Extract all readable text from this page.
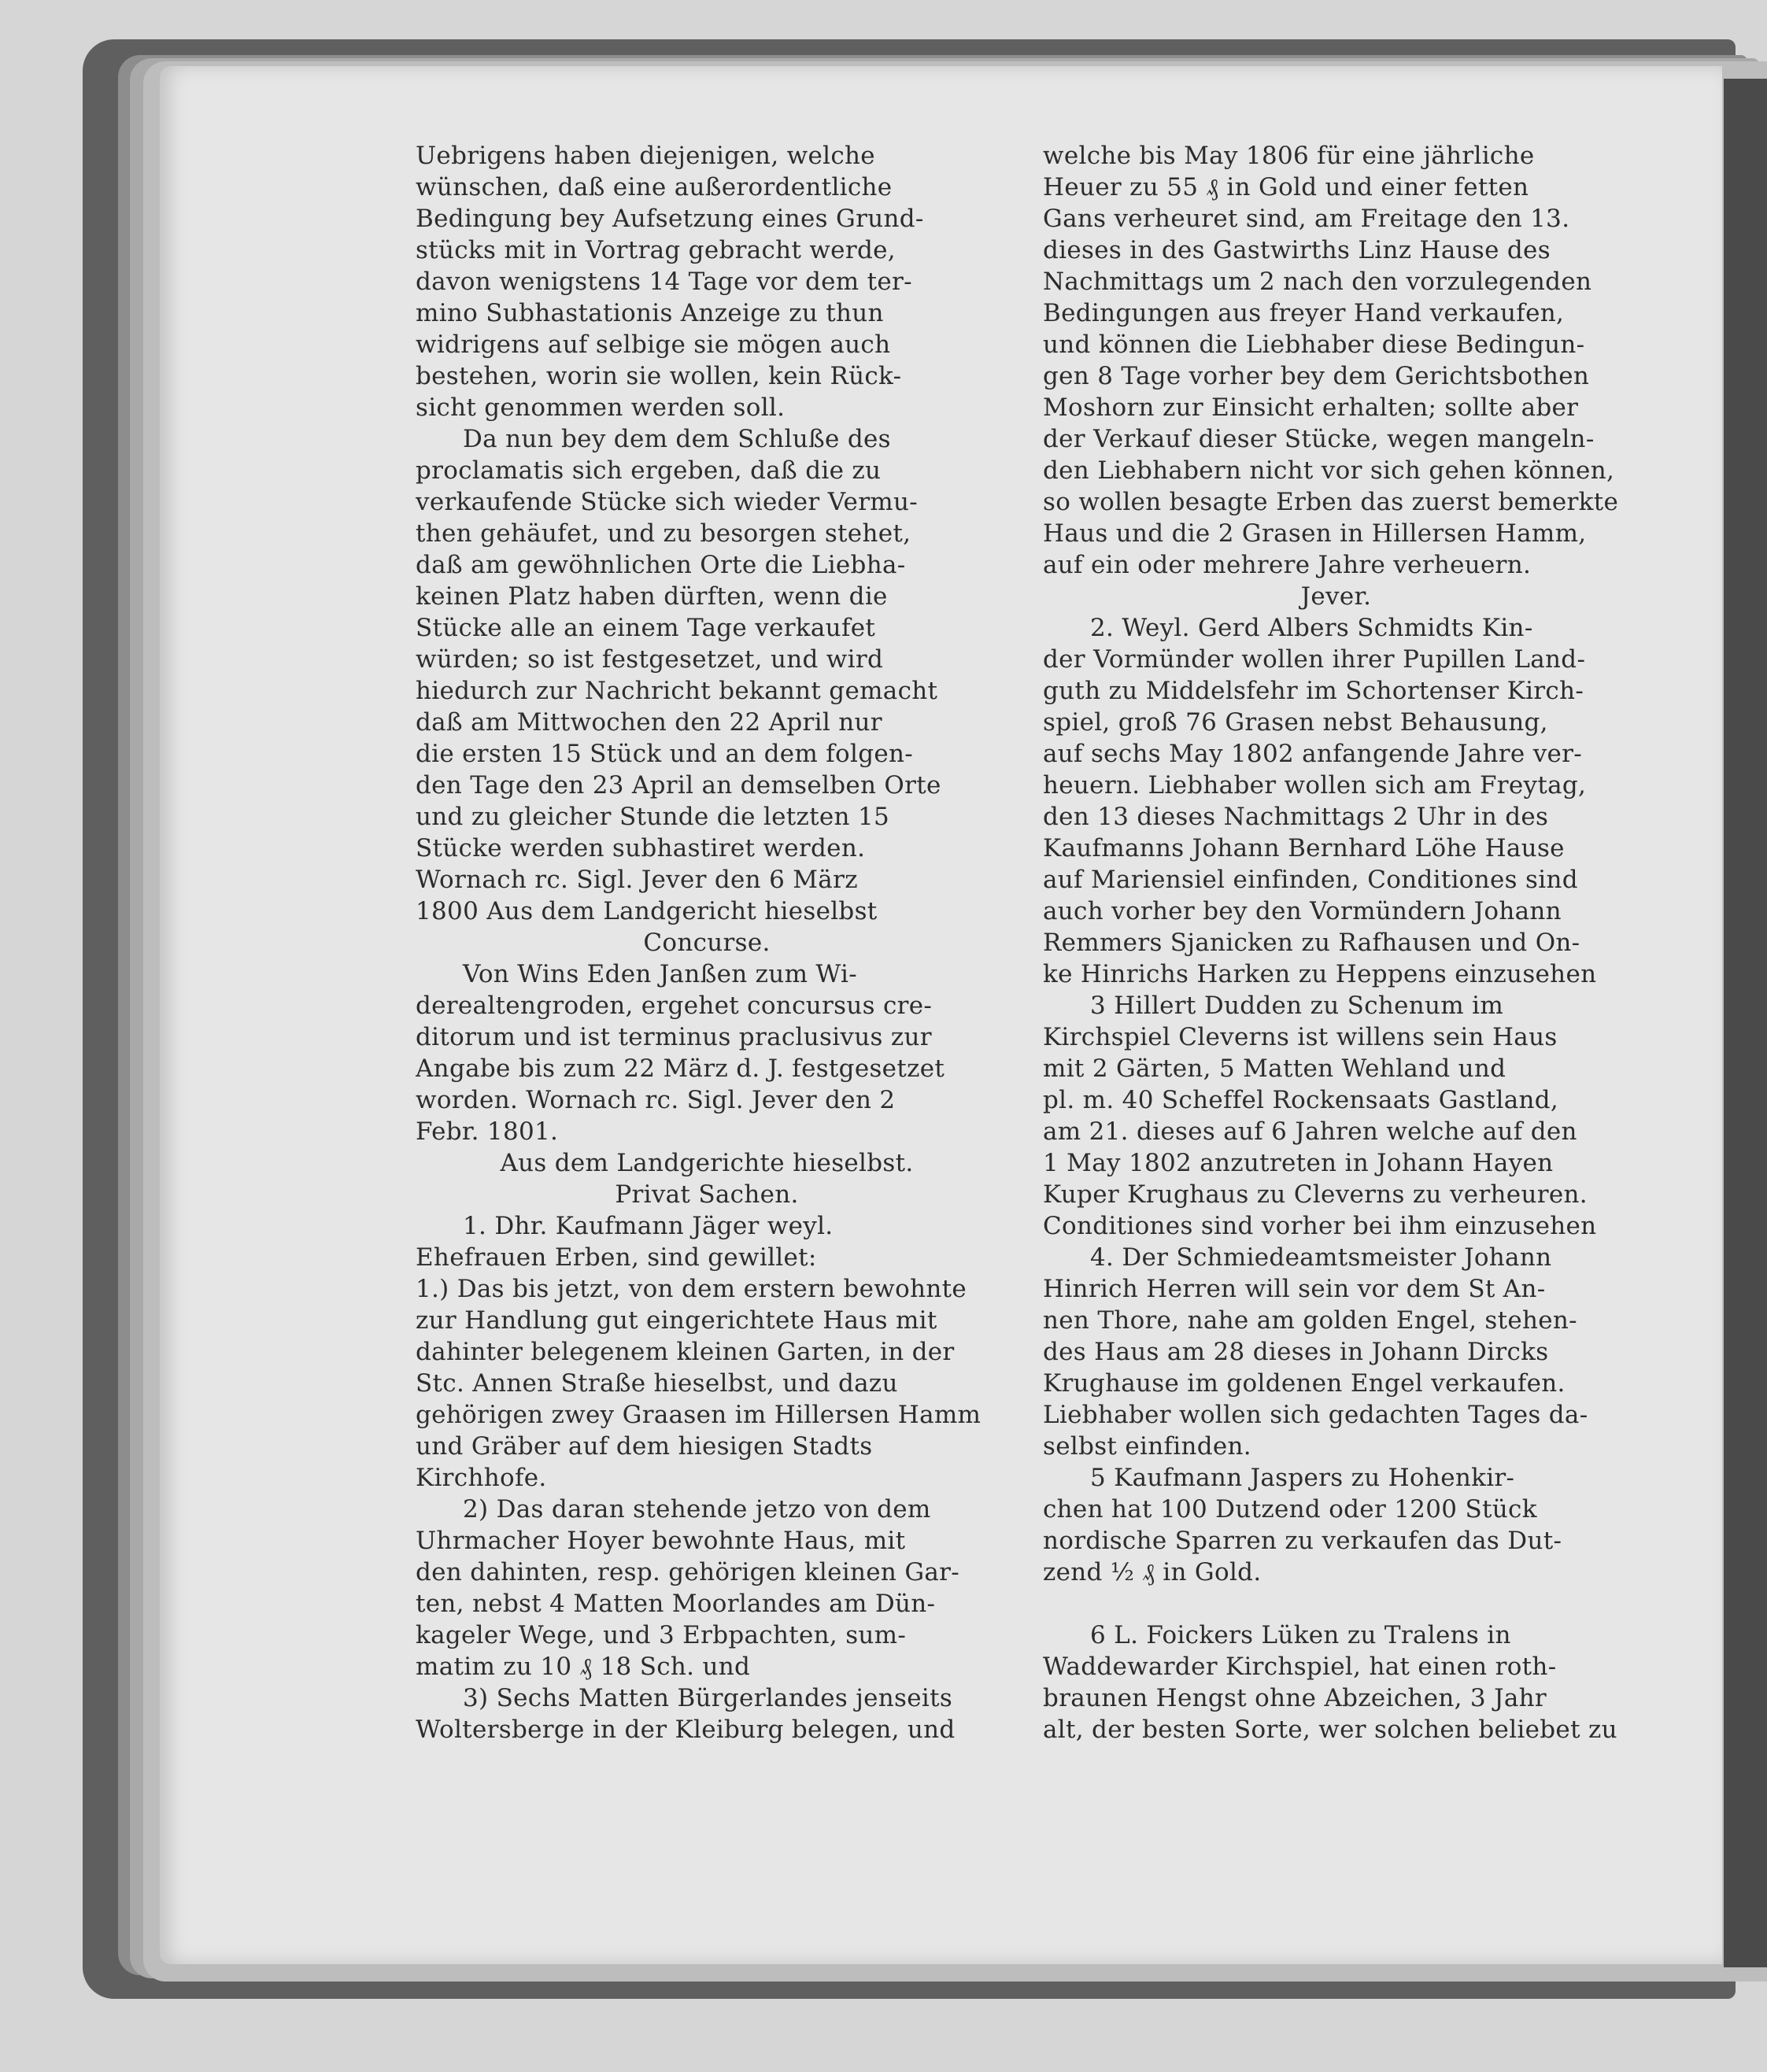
Uebrigens haben diejenigen, welche
wünschen, daß eine außerordentliche
Bedingung bey Aufsetzung eines Grund-
stücks mit in Vortrag gebracht werde,
davon wenigstens 14 Tage vor dem ter-
mino Subhastationis Anzeige zu thun
widrigens auf selbige sie mögen auch
bestehen, worin sie wollen, kein Rück-
sicht genommen werden soll.
Da nun bey dem dem Schluße des
proclamatis sich ergeben, daß die zu
verkaufende Stücke sich wieder Vermu-
then gehäufet, und zu besorgen stehet,
daß am gewöhnlichen Orte die Liebha-
keinen Platz haben dürften, wenn die
Stücke alle an einem Tage verkaufet
würden; so ist festgesetzet, und wird
hiedurch zur Nachricht bekannt gemacht
daß am Mittwochen den 22 April nur
die ersten 15 Stück und an dem folgen-
den Tage den 23 April an demselben Orte
und zu gleicher Stunde die letzten 15
Stücke werden subhastiret werden.
Wornach rc. Sigl. Jever den 6 März
1800 Aus dem Landgericht hieselbst
Concursе.
Von Wins Eden Janßen zum Wi-
derealtengroden, ergehet concursus cre-
ditorum und ist terminus praclusivus zur
Angabe bis zum 22 März d. J. festgesetzet
worden. Wornach rc. Sigl. Jever den 2
Febr. 1801.
Aus dem Landgerichte hieselbst.
Privat Sachen.
1. Dhr. Kaufmann Jäger weyl.
Ehefrauen Erben, sind gewillet:
1.) Das bis jetzt, von dem erstern bewohnte
zur Handlung gut eingerichtete Haus mit
dahinter belegenem kleinen Garten, in der
Stc. Annen Straße hieselbst, und dazu
gehörigen zwey Graasen im Hillersen Hamm
und Gräber auf dem hiesigen Stadts
Kirchhofe.
2) Das daran stehende jetzo von dem
Uhrmacher Hoyer bewohnte Haus, mit
den dahinten, resp. gehörigen kleinen Gar-
ten, nebst 4 Matten Moorlandes am Dün-
kageler Wege, und 3 Erbpachten, sum-
matim zu 10 ₰ 18 Sch. und
3) Sechs Matten Bürgerlandes jenseits
Woltersberge in der Kleiburg belegen, und
welche bis May 1806 für eine jährliche
Heuer zu 55 ₰ in Gold und einer fetten
Gans verheuret sind, am Freitage den 13.
dieses in des Gastwirths Linz Hause des
Nachmittags um 2 nach den vorzulegenden
Bedingungen aus freyer Hand verkaufen,
und können die Liebhaber diese Bedingun-
gen 8 Tage vorher bey dem Gerichtsbothen
Moshorn zur Einsicht erhalten; sollte aber
der Verkauf dieser Stücke, wegen mangeln-
den Liebhabern nicht vor sich gehen können,
so wollen besagte Erben das zuerst bemerkte
Haus und die 2 Grasen in Hillersen Hamm,
auf ein oder mehrere Jahre verheuern.
Jever.
2. Weyl. Gerd Albers Schmidts Kin-
der Vormünder wollen ihrer Pupillen Land-
guth zu Middelsfehr im Schortenser Kirch-
spiel, groß 76 Grasen nebst Behausung,
auf sechs May 1802 anfangende Jahre ver-
heuern. Liebhaber wollen sich am Freytag,
den 13 dieses Nachmittags 2 Uhr in des
Kaufmanns Johann Bernhard Löhe Hause
auf Mariensiel einfinden, Conditiones sind
auch vorher bey den Vormündern Johann
Remmers Sjanicken zu Rafhausen und On-
ke Hinrichs Harken zu Heppens einzusehen
3 Hillert Dudden zu Schenum im
Kirchspiel Cleverns ist willens sein Haus
mit 2 Gärten, 5 Matten Wehland und
pl. m. 40 Scheffel Rockensaats Gastland,
am 21. dieses auf 6 Jahren welche auf den
1 May 1802 anzutreten in Johann Hayen
Kuper Krughaus zu Cleverns zu verheuren.
Conditiones sind vorher bei ihm einzusehen
4. Der Schmiedeamtsmeister Johann
Hinrich Herren will sein vor dem St An-
nen Thore, nahe am golden Engel, stehen-
des Haus am 28 dieses in Johann Dircks
Krughause im goldenen Engel verkaufen.
Liebhaber wollen sich gedachten Tages da-
selbst einfinden.
5 Kaufmann Jaspers zu Hohenkir-
chen hat 100 Dutzend oder 1200 Stück
nordische Sparren zu verkaufen das Dut-
zend ½ ₰ in Gold.
6 L. Foickers Lüken zu Tralens in
Waddewarder Kirchspiel, hat einen roth-
braunen Hengst ohne Abzeichen, 3 Jahr
alt, der besten Sorte, wer solchen beliebet zu
